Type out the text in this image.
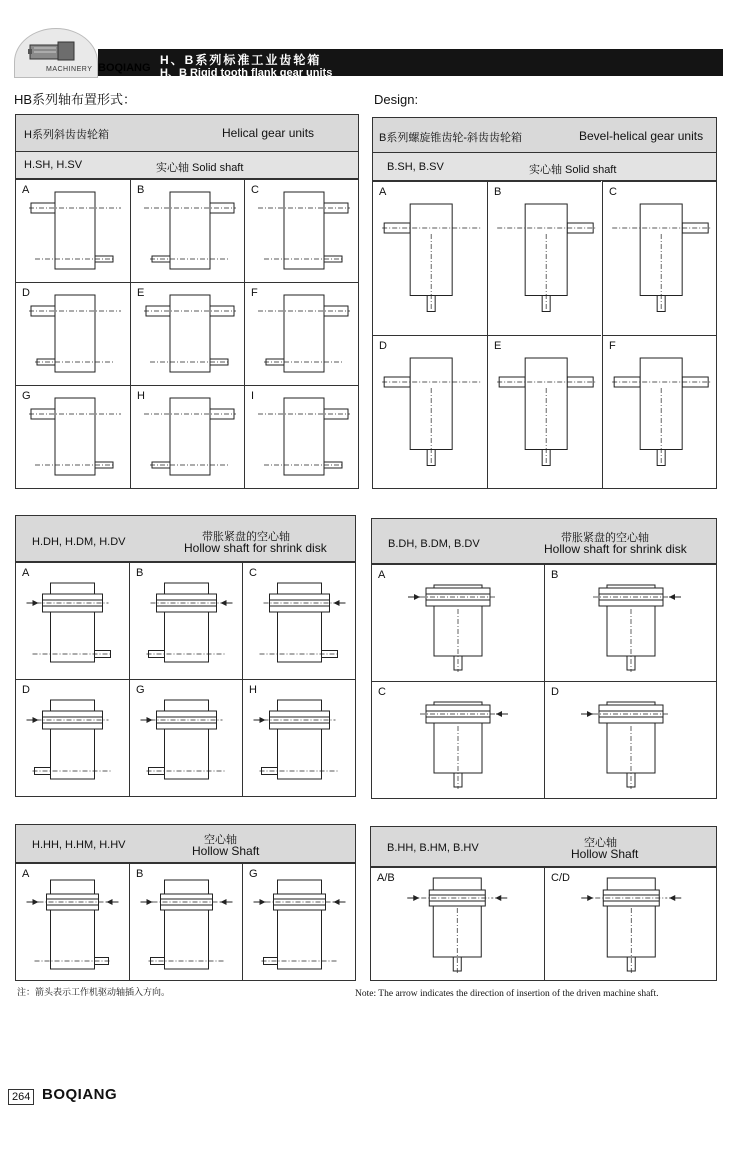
MACHINERY BOQIANG
H、B系列标准工业齿轮箱
H、B Rigid tooth flank gear units
HB系列轴布置形式：	Design:
H系列斜齿齿轮箱	Helical gear units
H.SH, H.SV	实心轴 Solid shaft
A	B	C
D	E	F
G	H	I
B系列螺旋锥齿轮-斜齿齿轮箱	Bevel-helical gear units
B.SH, B.SV	实心轴 Solid shaft
A	B	C
D	E	F
H.DH, H.DM, H.DV	带胀紧盘的空心轴
Hollow shaft for shrink disk
A	B	C
D	G	H
B.DH, B.DM, B.DV	带胀紧盘的空心轴
Hollow shaft for shrink disk
A	B
C	D
H.HH, H.HM, H.HV	空心轴
Hollow Shaft
A	B	G
B.HH, B.HM, B.HV	空心轴
Hollow Shaft
A/B	C/D
注：箭头表示工作机驱动轴插入方向。	Note: The arrow indicates the direction of insertion of the driven machine shaft.
264 BOQIANG
